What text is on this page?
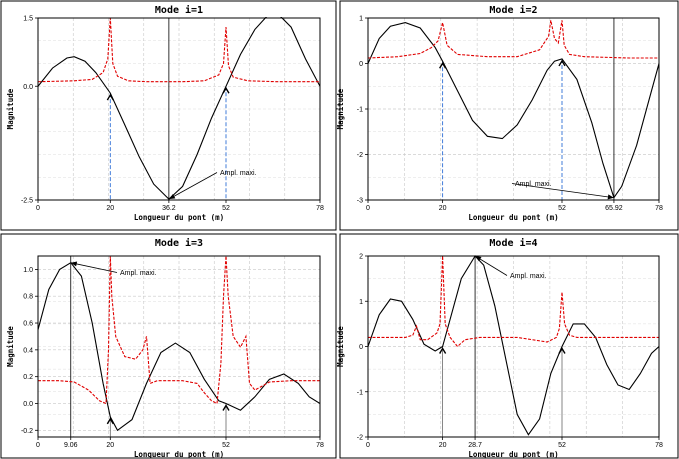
Mode i=1
1.5
0.0
-2.5
0	20	36.2	52	78
Longueur du pont (m)
Magnitude
Ampl. maxi.
Mode i=2
1
0
-1
-2
-3
0	20	52	65.92	78
Longueur du pont (m)
Magnitude
Ampl. maxi.
Mode i=3
1.0
0.8
0.6
0.4
0.2
0.0
-0.2
0	9.06	20	52	78
Longueur du pont (m)
Magnitude
Ampl. maxi.
Mode i=4
2
1
0
-1
-2
0	20	28.7	52	78
Longueur du pont (m)
Magnitude
Ampl. maxi.
